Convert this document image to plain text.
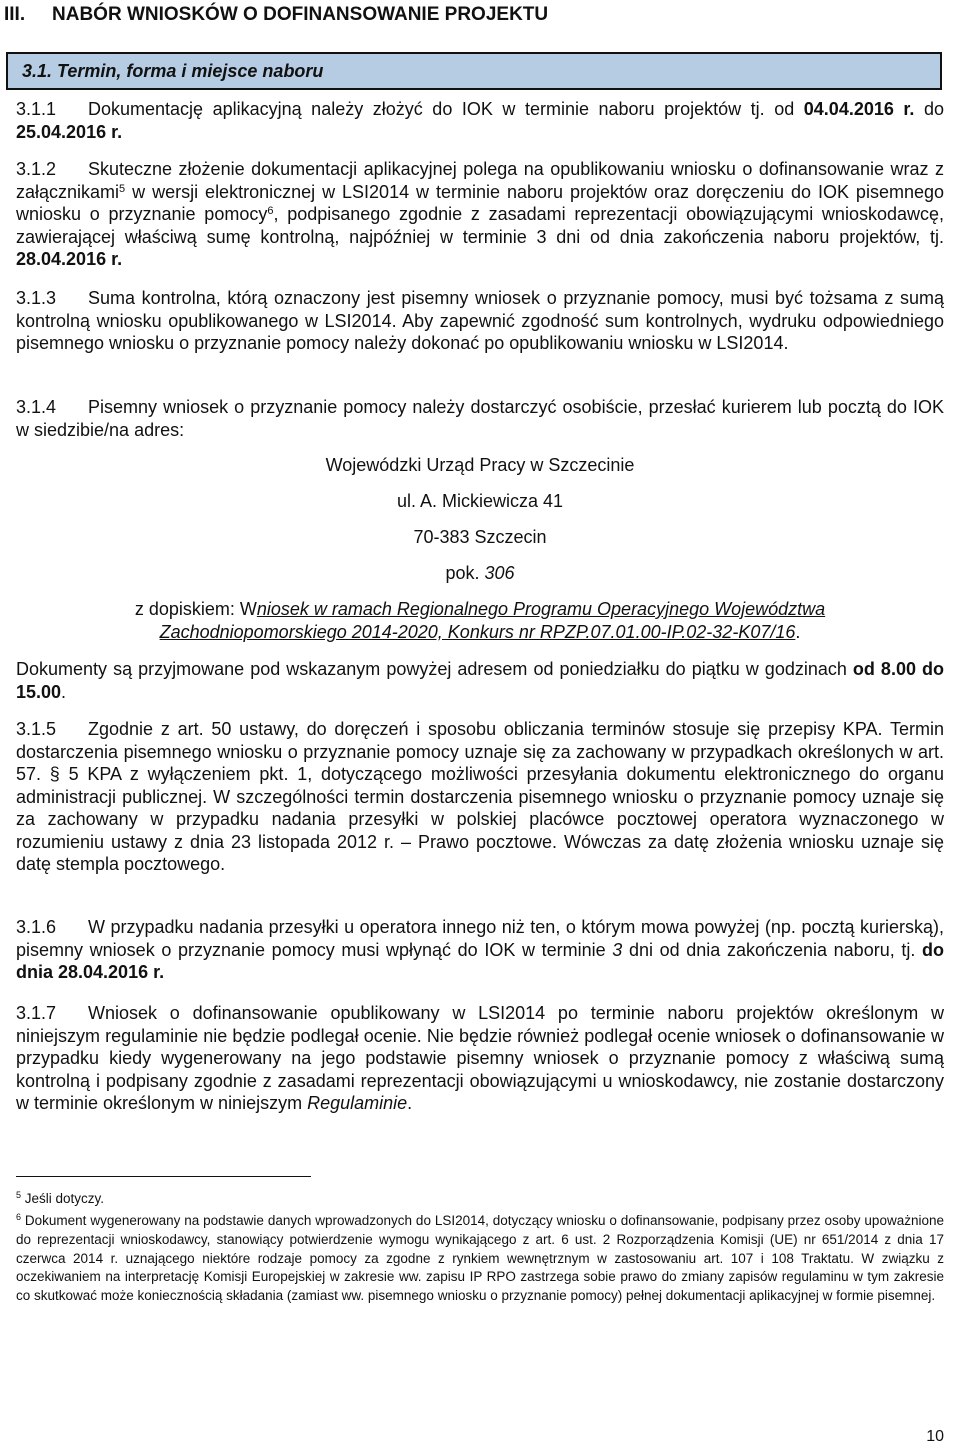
III. NABÓR WNIOSKÓW O DOFINANSOWANIE PROJEKTU
3.1. Termin, forma i miejsce naboru

3.1.1 Dokumentację aplikacyjną należy złożyć do IOK w terminie naboru projektów tj. od 04.04.2016 r. do 25.04.2016 r.

3.1.2 Skuteczne złożenie dokumentacji aplikacyjnej polega na opublikowaniu wniosku o dofinansowanie wraz z załącznikami$^5$ w wersji elektronicznej w LSI2014 w terminie naboru projektów oraz doręczeniu do IOK pisemnego wniosku o przyznanie pomocy$^6$, podpisanego zgodnie z zasadami reprezentacji obowiązującymi wnioskodawcę, zawierającej właściwą sumę kontrolną, najpóźniej w terminie 3 dni od dnia zakończenia naboru projektów, tj. 28.04.2016 r.

3.1.3 Suma kontrolna, którą oznaczony jest pisemny wniosek o przyznanie pomocy, musi być tożsama z sumą kontrolną wniosku opublikowanego w LSI2014. Aby zapewnić zgodność sum kontrolnych, wydruku odpowiedniego pisemnego wniosku o przyznanie pomocy należy dokonać po opublikowaniu wniosku w LSI2014.

3.1.4 Pisemny wniosek o przyznanie pomocy należy dostarczyć osobiście, przesłać kurierem lub pocztą do IOK w siedzibie/na adres:

Wojewódzki Urząd Pracy w Szczecinie

ul. A. Mickiewicza 41

70-383 Szczecin

pok. 306

z dopiskiem: Wniosek w ramach Regionalnego Programu Operacyjnego Województwa Zachodniopomorskiego 2014-2020, Konkurs nr RPZP.07.01.00-IP.02-32-K07/16.

Dokumenty są przyjmowane pod wskazanym powyżej adresem od poniedziałku do piątku w godzinach od 8.00 do 15.00.

3.1.5 Zgodnie z art. 50 ustawy, do doręczeń i sposobu obliczania terminów stosuje się przepisy KPA. Termin dostarczenia pisemnego wniosku o przyznanie pomocy uznaje się za zachowany w przypadkach określonych w art. 57. § 5 KPA z wyłączeniem pkt. 1, dotyczącego możliwości przesyłania dokumentu elektronicznego do organu administracji publicznej. W szczególności termin dostarczenia pisemnego wniosku o przyznanie pomocy uznaje się za zachowany w przypadku nadania przesyłki w polskiej placówce pocztowej operatora wyznaczonego w rozumieniu ustawy z dnia 23 listopada 2012 r. – Prawo pocztowe. Wówczas za datę złożenia wniosku uznaje się datę stempla pocztowego.

3.1.6 W przypadku nadania przesyłki u operatora innego niż ten, o którym mowa powyżej (np. pocztą kurierską), pisemny wniosek o przyznanie pomocy musi wpłynąć do IOK w terminie 3 dni od dnia zakończenia naboru, tj. do dnia 28.04.2016 r.

3.1.7 Wniosek o dofinansowanie opublikowany w LSI2014 po terminie naboru projektów określonym w niniejszym regulaminie nie będzie podlegał ocenie. Nie będzie również podlegał ocenie wniosek o dofinansowanie w przypadku kiedy wygenerowany na jego podstawie pisemny wniosek o przyznanie pomocy z właściwą sumą kontrolną i podpisany zgodnie z zasadami reprezentacji obowiązującymi u wnioskodawcy, nie zostanie dostarczony w terminie określonym w niniejszym Regulaminie.

$^5$ Jeśli dotyczy.

$^6$ Dokument wygenerowany na podstawie danych wprowadzonych do LSI2014, dotyczący wniosku o dofinansowanie, podpisany przez osoby upoważnione do reprezentacji wnioskodawcy, stanowiący potwierdzenie wymogu wynikającego z art. 6 ust. 2 Rozporządzenia Komisji (UE) nr 651/2014 z dnia 17 czerwca 2014 r. uznającego niektóre rodzaje pomocy za zgodne z rynkiem wewnętrznym w zastosowaniu art. 107 i 108 Traktatu. W związku z oczekiwaniem na interpretację Komisji Europejskiej w zakresie ww. zapisu IP RPO zastrzega sobie prawo do zmiany zapisów regulaminu w tym zakresie co skutkować może koniecznością składania (zamiast ww. pisemnego wniosku o przyznanie pomocy) pełnej dokumentacji aplikacyjnej w formie pisemnej.

10
